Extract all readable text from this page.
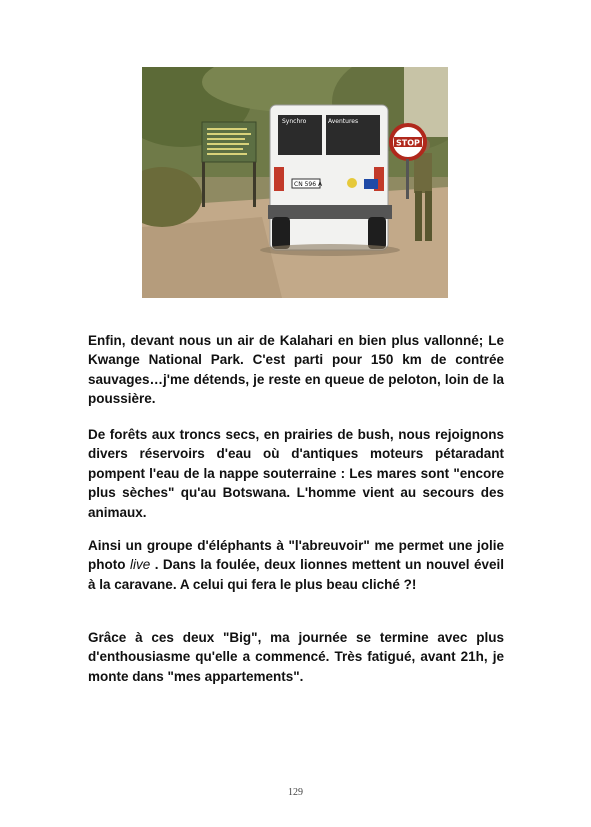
Synchro	Aventures
CN 596 A
STOP

Enfin, devant nous un air de Kalahari en bien plus vallonné; Le Kwange National Park. C'est parti pour 150 km de contrée sauvages…j'me détends, je reste en queue de peloton, loin de la poussière.

De forêts aux troncs secs, en prairies de bush, nous rejoignons divers réservoirs d'eau où d'antiques moteurs pétaradant pompent l'eau de la nappe souterraine : Les mares sont "encore plus sèches" qu'au Botswana. L'homme vient au secours des animaux.

Ainsi un groupe d'éléphants à "l'abreuvoir" me permet une jolie photo live . Dans la foulée, deux lionnes mettent un nouvel éveil à la caravane. A celui qui fera le plus beau cliché ?!

Grâce à ces deux "Big", ma journée se termine avec plus d'enthousiasme qu'elle a commencé. Très fatigué, avant 21h, je monte dans "mes appartements".

129
